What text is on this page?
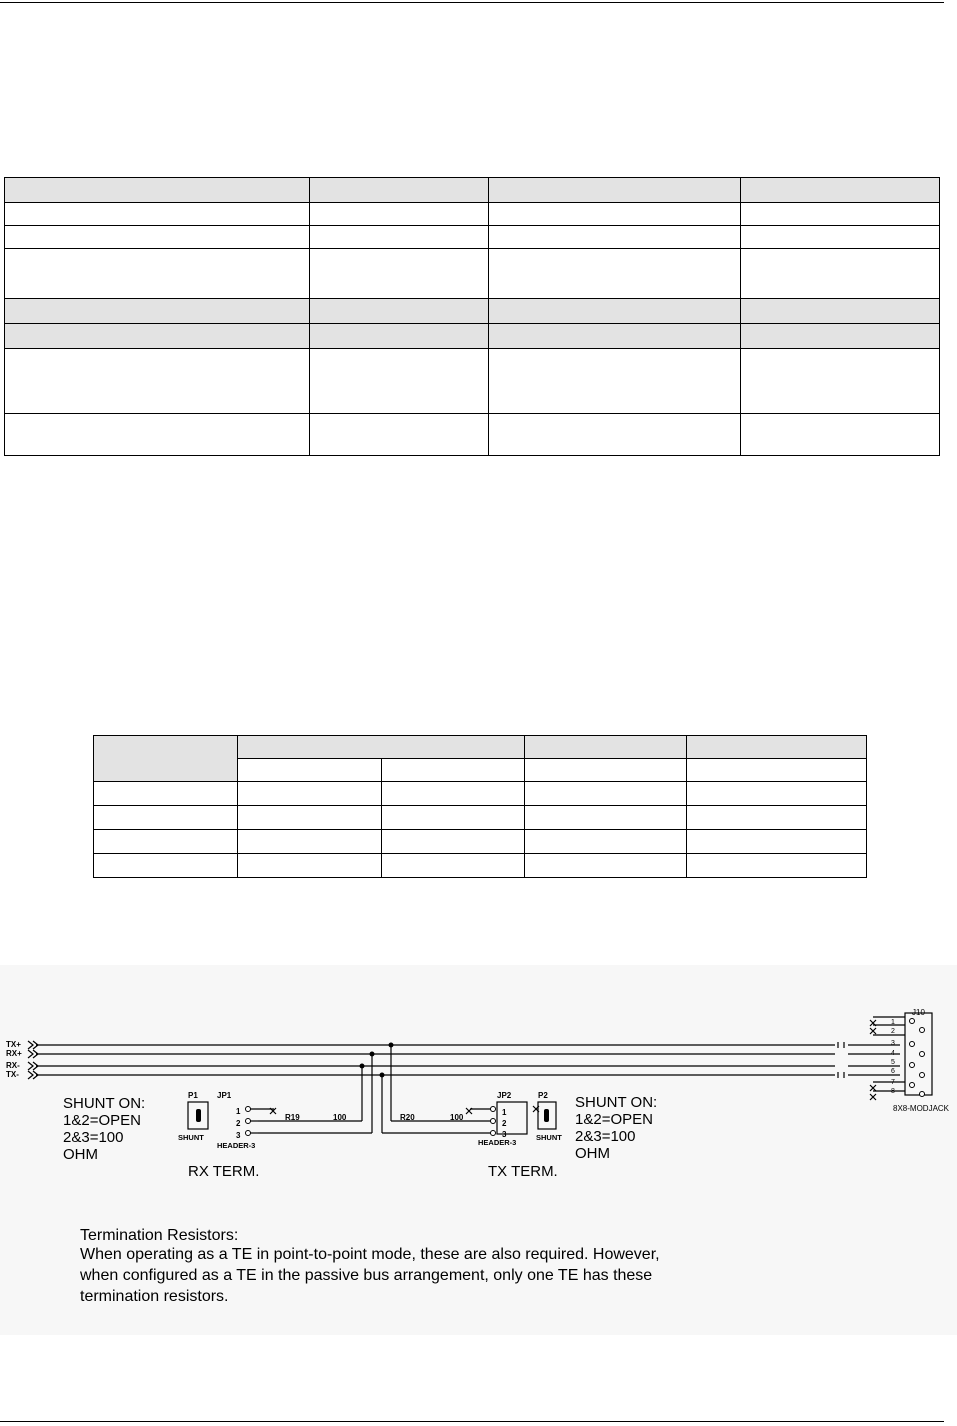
TX+
RX+
RX-
TX-
P1 JP1
SHUNT
1
2
3
HEADER-3
R19	100	R20	100
JP2	P2
1
2
3
HEADER-3
SHUNT
J10
1
2
3
4
5
6
7
8
8X8-MODJACK
SHUNT ON:
1&2=OPEN
2&3=100
OHM
SHUNT ON:
1&2=OPEN
2&3=100
OHM
RX TERM.	TX TERM.
Termination Resistors:
When operating as a TE in point-to-point mode, these are also required. However,
when configured as a TE in the passive bus arrangement, only one TE has these
termination resistors.
